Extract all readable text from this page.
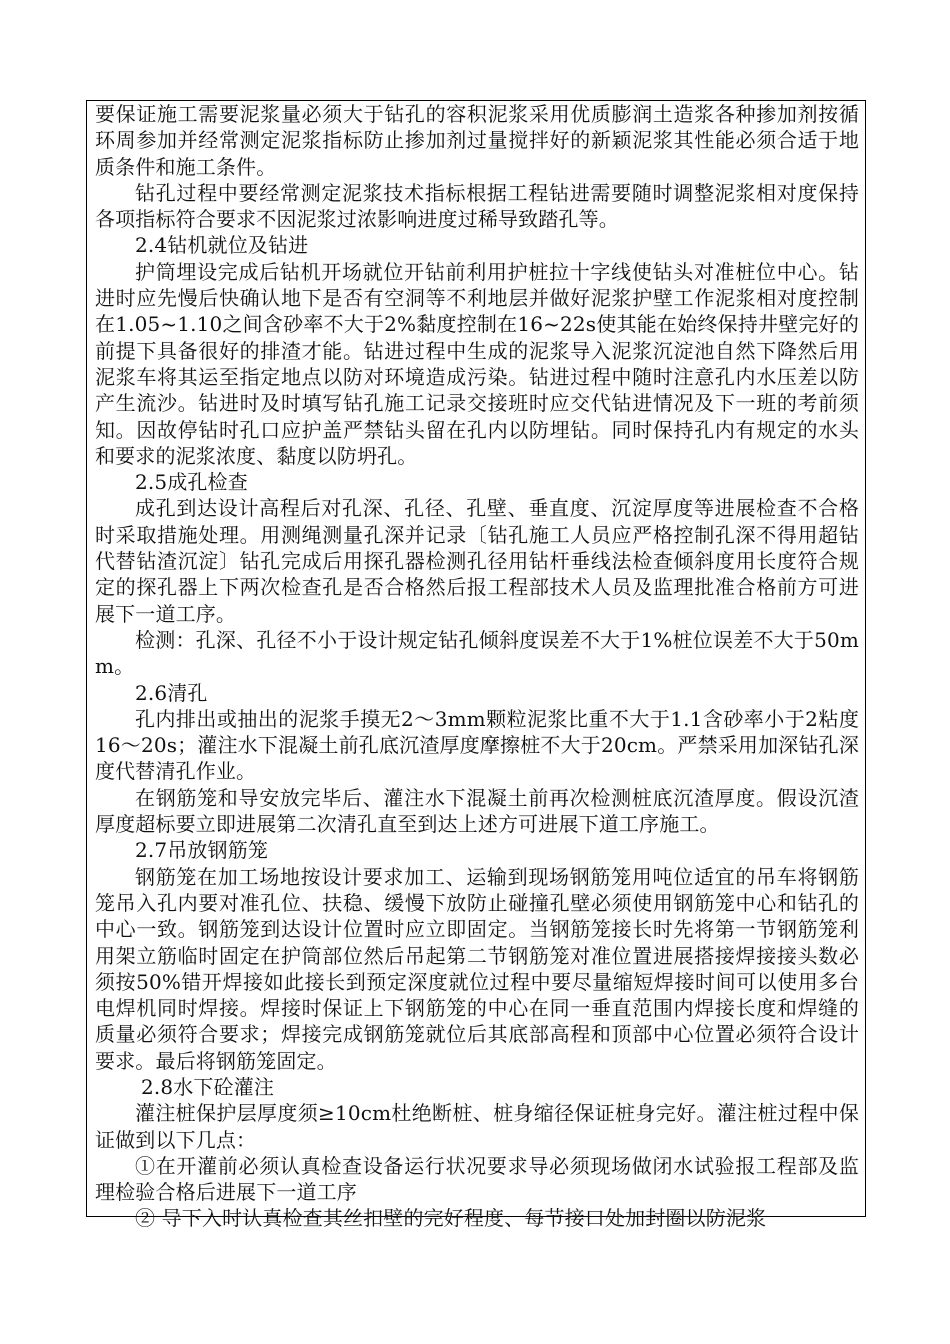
要保证施工需要泥浆量必须大于钻孔的容积泥浆采用优质膨润土造浆各种掺加剂按循环周参加并经常测定泥浆指标防止掺加剂过量搅拌好的新颖泥浆其性能必须合适于地质条件和施工条件。

钻孔过程中要经常测定泥浆技术指标根据工程钻进需要随时调整泥浆相对度保持各项指标符合要求不因泥浆过浓影响进度过稀导致踏孔等。

2.4钻机就位及钻进

护筒埋设完成后钻机开场就位开钻前利用护桩拉十字线使钻头对准桩位中心。钻进时应先慢后快确认地下是否有空洞等不利地层并做好泥浆护壁工作泥浆相对度控制在1.05~1.10之间含砂率不大于2%黏度控制在16~22s使其能在始终保持井壁完好的前提下具备很好的排渣才能。钻进过程中生成的泥浆导入泥浆沉淀池自然下降然后用泥浆车将其运至指定地点以防对环境造成污染。钻进过程中随时注意孔内水压差以防产生流沙。钻进时及时填写钻孔施工记录交接班时应交代钻进情况及下一班的考前须知。因故停钻时孔口应护盖严禁钻头留在孔内以防埋钻。同时保持孔内有规定的水头和要求的泥浆浓度、黏度以防坍孔。

2.5成孔检查

成孔到达设计高程后对孔深、孔径、孔壁、垂直度、沉淀厚度等进展检查不合格时采取措施处理。用测绳测量孔深并记录〔钻孔施工人员应严格控制孔深不得用超钻代替钻渣沉淀〕钻孔完成后用探孔器检测孔径用钻杆垂线法检查倾斜度用长度符合规定的探孔器上下两次检查孔是否合格然后报工程部技术人员及监理批准合格前方可进展下一道工序。

检测：孔深、孔径不小于设计规定钻孔倾斜度误差不大于1%桩位误差不大于50mm。

2.6清孔

孔内排出或抽出的泥浆手摸无2～3mm颗粒泥浆比重不大于1.1含砂率小于2粘度16～20s；灌注水下混凝土前孔底沉渣厚度摩擦桩不大于20cm。严禁采用加深钻孔深度代替清孔作业。

在钢筋笼和导安放完毕后、灌注水下混凝土前再次检测桩底沉渣厚度。假设沉渣厚度超标要立即进展第二次清孔直至到达上述方可进展下道工序施工。

2.7吊放钢筋笼

钢筋笼在加工场地按设计要求加工、运输到现场钢筋笼用吨位适宜的吊车将钢筋笼吊入孔内要对准孔位、扶稳、缓慢下放防止碰撞孔壁必须使用钢筋笼中心和钻孔的中心一致。钢筋笼到达设计位置时应立即固定。当钢筋笼接长时先将第一节钢筋笼利用架立筋临时固定在护筒部位然后吊起第二节钢筋笼对准位置进展搭接焊接接头数必须按50%错开焊接如此接长到预定深度就位过程中要尽量缩短焊接时间可以使用多台电焊机同时焊接。焊接时保证上下钢筋笼的中心在同一垂直范围内焊接长度和焊缝的质量必须符合要求；焊接完成钢筋笼就位后其底部高程和顶部中心位置必须符合设计要求。最后将钢筋笼固定。

2.8水下砼灌注

灌注桩保护层厚度须≥10cm杜绝断桩、桩身缩径保证桩身完好。灌注桩过程中保证做到以下几点：

①在开灌前必须认真检查设备运行状况要求导必须现场做闭水试验报工程部及监理检验合格后进展下一道工序

② 导下入时认真检查其丝扣壁的完好程度、每节接口处加封圈以防泥浆
